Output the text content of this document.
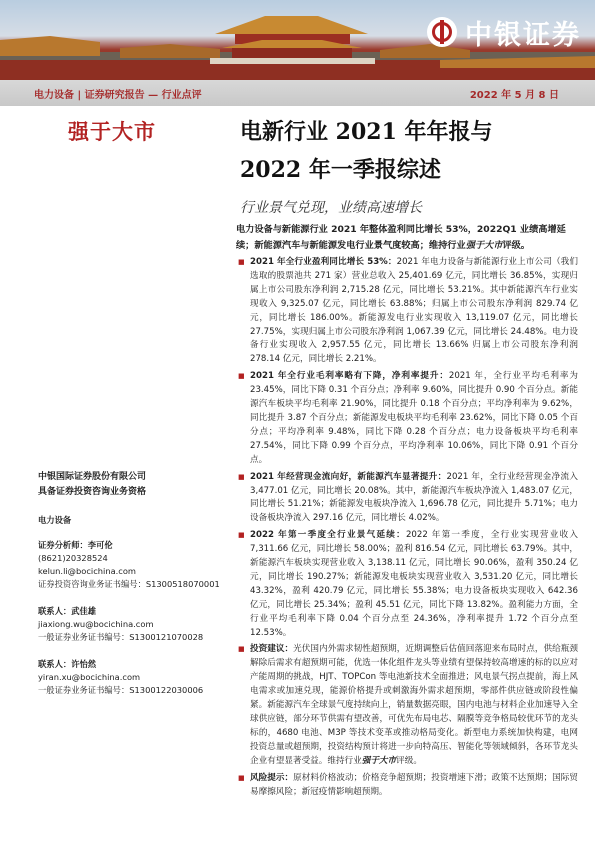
中银证券
电力设备 | 证券研究报告 — 行业点评	2022 年 5 月 8 日
强于大市	电新行业 2021 年年报与
2022 年一季报综述
行业景气兑现，业绩高速增长
电力设备与新能源行业 2021 年整体盈利同比增长 53%，2022Q1 业绩高增延续；新能源汽车与新能源发电行业景气度较高；维持行业强于大市评级。
■ 2021 年全行业盈利同比增长 53%：2021 年电力设备与新能源行业上市公司（我们选取的股票池共 271 家）营业总收入 25,401.69 亿元，同比增长 36.85%，实现归属上市公司股东净利润 2,715.28 亿元，同比增长 53.21%。其中新能源汽车行业实现收入 9,325.07 亿元，同比增长 63.88%；归属上市公司股东净利润 829.74 亿元，同比增长 186.00%。新能源发电行业实现收入 13,119.07 亿元，同比增长 27.75%，实现归属上市公司股东净利润 1,067.39 亿元，同比增长 24.48%。电力设备行业实现收入 2,957.55 亿元，同比增长 13.66% 归属上市公司股东净利润 278.14 亿元，同比增长 2.21%。
■ 2021 年全行业毛利率略有下降，净利率提升：2021 年，全行业平均毛利率为 23.45%，同比下降 0.31 个百分点；净利率 9.60%，同比提升 0.90 个百分点。新能源汽车板块平均毛利率 21.90%，同比提升 0.18 个百分点；平均净利率为 9.62%，同比提升 3.87 个百分点；新能源发电板块平均毛利率 23.62%，同比下降 0.05 个百分点；平均净利率 9.48%，同比下降 0.28 个百分点；电力设备板块平均毛利率 27.54%，同比下降 0.99 个百分点，平均净利率 10.06%，同比下降 0.91 个百分点。
■ 2021 年经营现金流向好，新能源汽车显著提升：2021 年，全行业经营现金净流入 3,477.01 亿元，同比增长 20.08%。其中，新能源汽车板块净流入 1,483.07 亿元，同比增长 51.21%；新能源发电板块净流入 1,696.78 亿元，同比提升 5.71%；电力设备板块净流入 297.16 亿元，同比增长 4.02%。
■ 2022 年第一季度全行业景气延续：2022 年第一季度，全行业实现营业收入 7,311.66 亿元，同比增长 58.00%；盈利 816.54 亿元，同比增长 63.79%。其中，新能源汽车板块实现营业收入 3,138.11 亿元，同比增长 90.06%，盈利 350.24 亿元，同比增长 190.27%；新能源发电板块实现营业收入 3,531.20 亿元，同比增长 43.32%，盈利 420.79 亿元，同比增长 55.38%；电力设备板块实现收入 642.36 亿元，同比增长 25.34%；盈利 45.51 亿元，同比下降 13.82%。盈利能力方面，全行业平均毛利率下降 0.04 个百分点至 24.36%，净利率提升 1.72 个百分点至 12.53%。
■ 投资建议：光伏国内外需求韧性超预期，近期调整后估值回落迎来布局时点，供给瓶颈解除后需求有超预期可能，优选一体化组件龙头等业绩有望保持较高增速的标的以应对产能周期的挑战，HJT、TOPCon 等电池新技术全面推进；风电景气拐点提前，海上风电需求或加速兑现，能源价格提升或刺激海外需求超预期，零部件供应链或阶段性偏紧。新能源汽车全球景气度持续向上，销量数据亮眼，国内电池与材料企业加速导入全球供应链，部分环节供需有望改善，可优先布局电芯、隔膜等竞争格局较优环节的龙头标的，4680 电池、M3P 等技术变革或推动格局变化。新型电力系统加快构建，电网投资总量或超预期，投资结构预计将进一步向特高压、智能化等领域倾斜，各环节龙头企业有望显著受益。维持行业强于大市评级。
■ 风险提示：原材料价格波动；价格竞争超预期；投资增速下滑；政策不达预期；国际贸易摩擦风险；新冠疫情影响超预期。
中银国际证券股份有限公司
具备证券投资咨询业务资格
电力设备
证券分析师：李可伦
(8621)20328524
kelun.li@bocichina.com
证券投资咨询业务证书编号：S1300518070001
联系人：武佳雄
jiaxiong.wu@bocichina.com
一般证券业务证书编号：S1300121070028
联系人：许怡然
yiran.xu@bocichina.com
一般证券业务证书编号：S1300122030006
